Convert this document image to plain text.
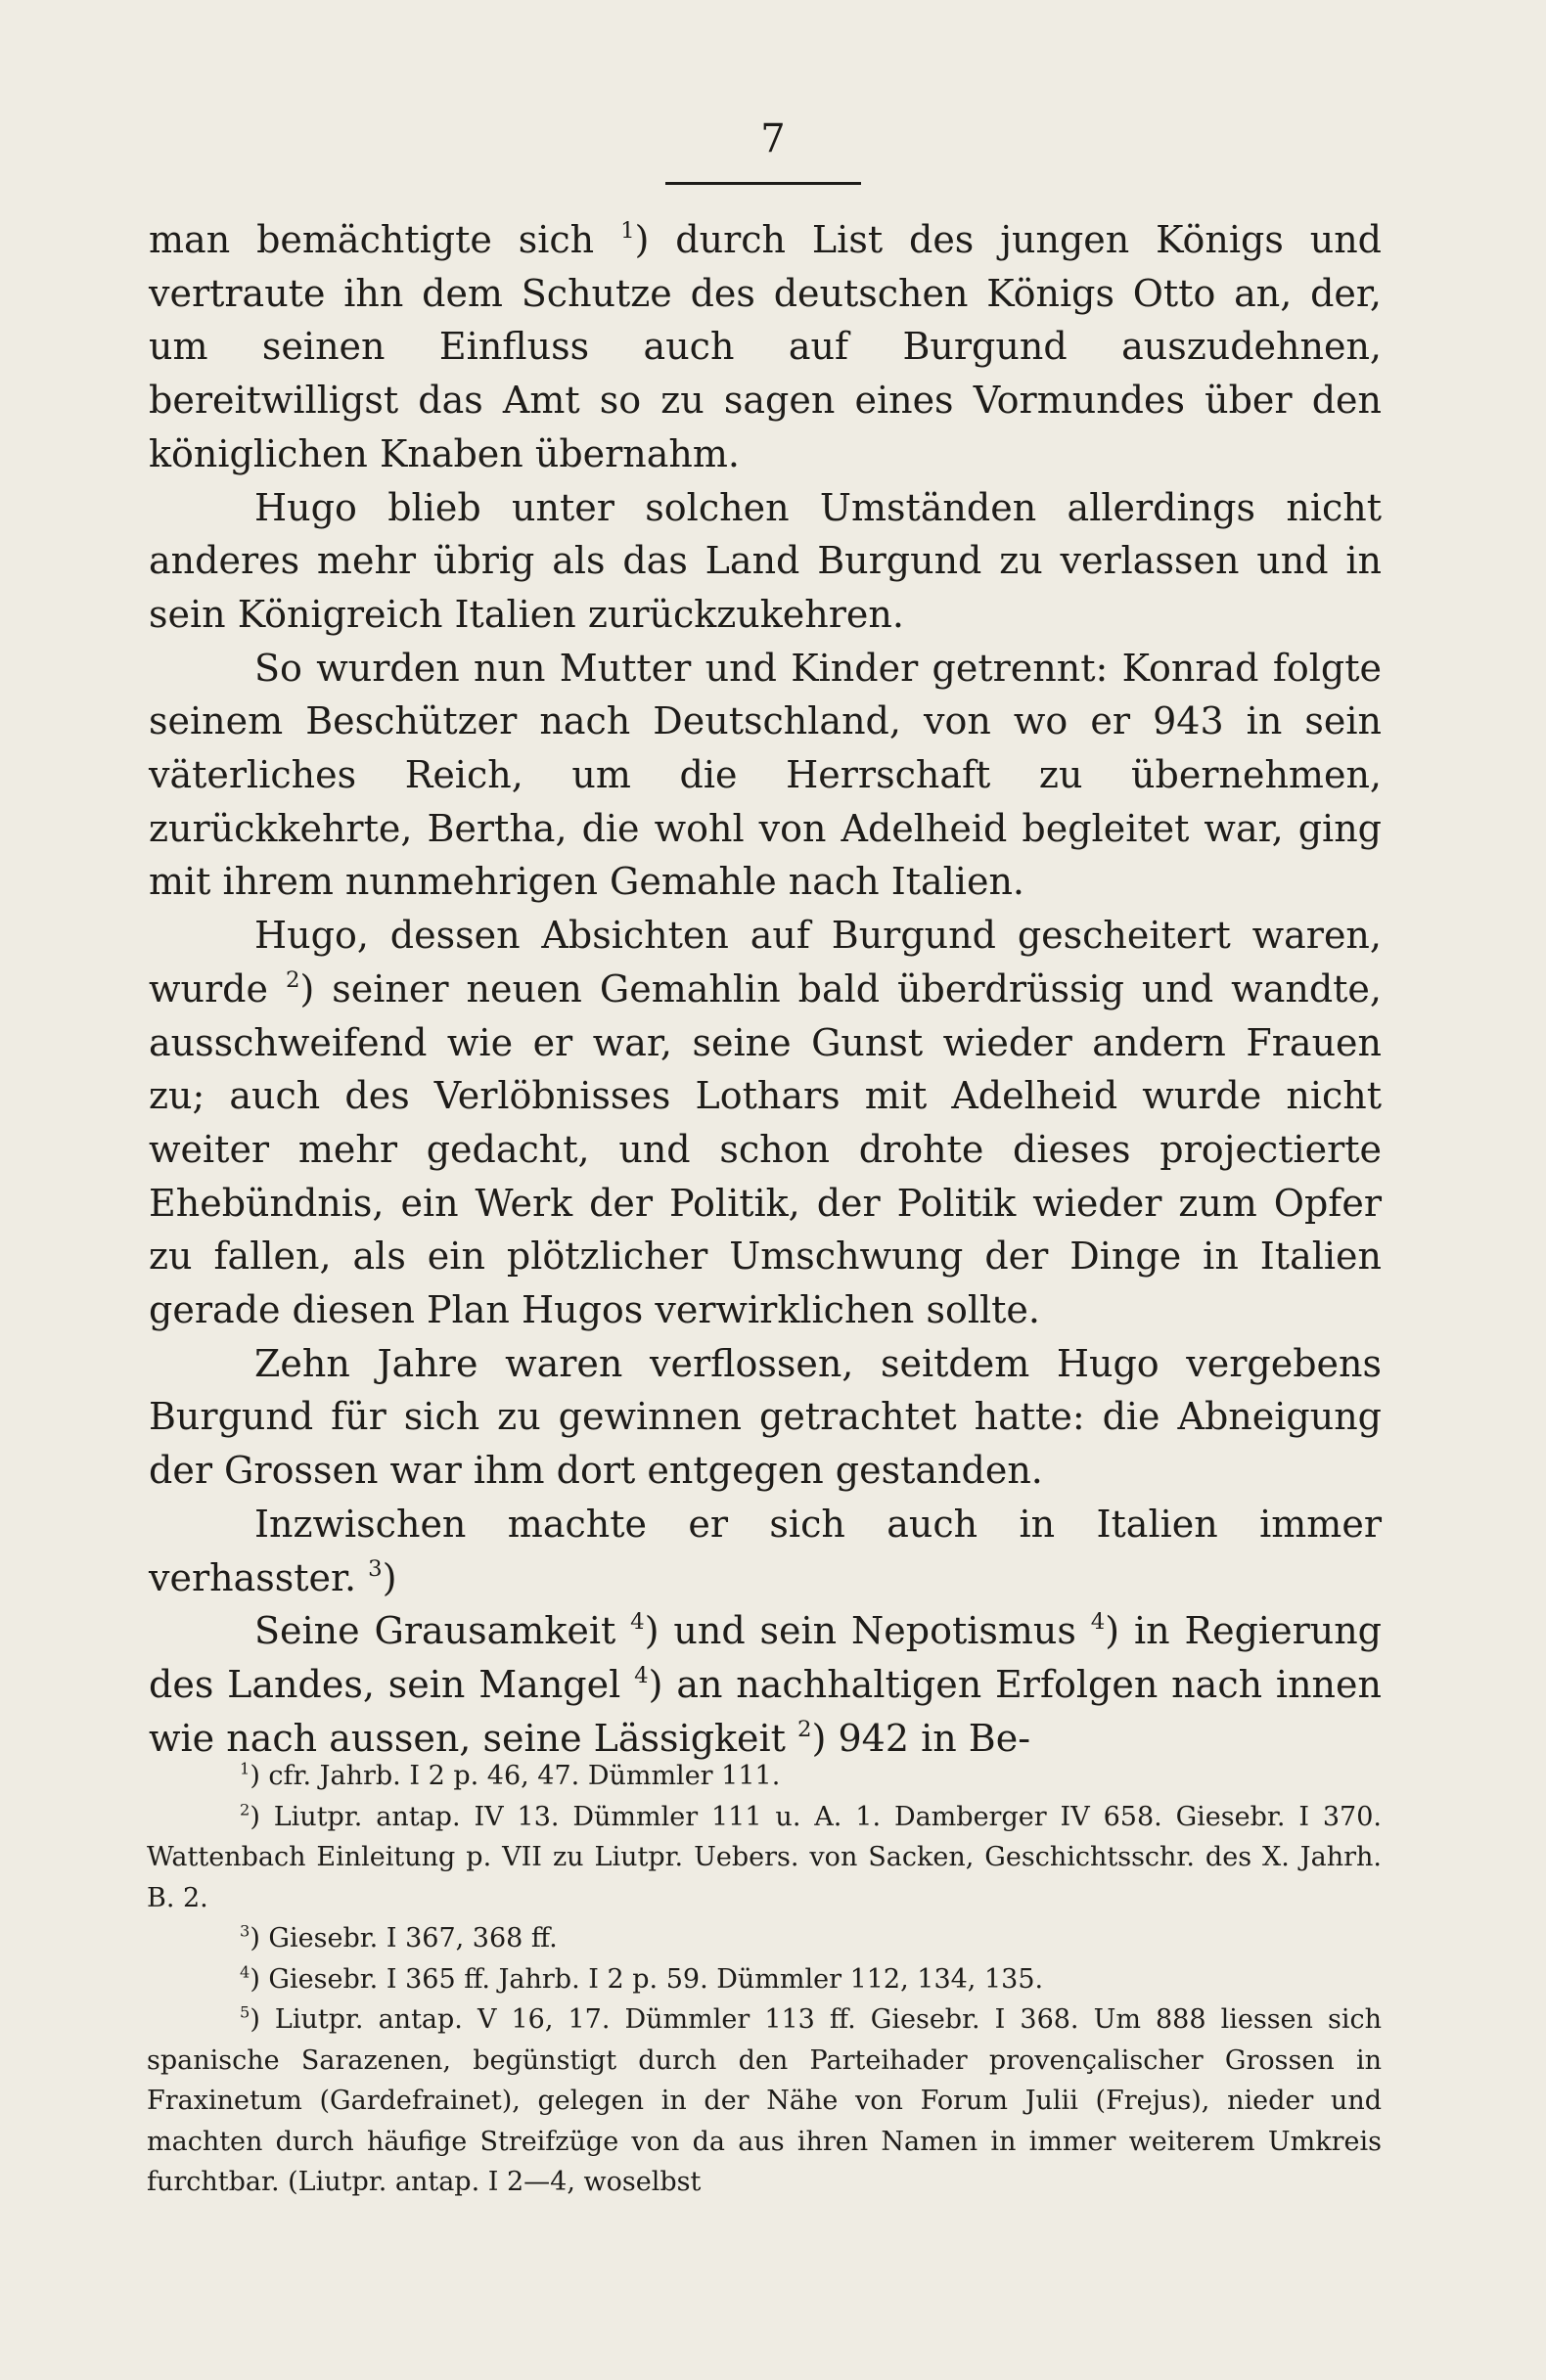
7

man bemächtigte sich $^1$) durch List des jungen Königs und vertraute ihn dem Schutze des deutschen Königs Otto an, der, um seinen Einfluss auch auf Burgund auszudehnen, bereitwilligst das Amt so zu sagen eines Vormundes über den königlichen Knaben übernahm.

Hugo blieb unter solchen Umständen allerdings nicht anderes mehr übrig als das Land Burgund zu verlassen und in sein Königreich Italien zurückzukehren.

So wurden nun Mutter und Kinder getrennt: Konrad folgte seinem Beschützer nach Deutschland, von wo er 943 in sein väterliches Reich, um die Herrschaft zu übernehmen, zurückkehrte, Bertha, die wohl von Adelheid begleitet war, ging mit ihrem nunmehrigen Gemahle nach Italien.

Hugo, dessen Absichten auf Burgund gescheitert waren, wurde $^2$) seiner neuen Gemahlin bald überdrüssig und wandte, ausschweifend wie er war, seine Gunst wieder andern Frauen zu; auch des Verlöbnisses Lothars mit Adelheid wurde nicht weiter mehr gedacht, und schon drohte dieses projectierte Ehebündnis, ein Werk der Politik, der Politik wieder zum Opfer zu fallen, als ein plötzlicher Umschwung der Dinge in Italien gerade diesen Plan Hugos verwirklichen sollte.

Zehn Jahre waren verflossen, seitdem Hugo vergebens Burgund für sich zu gewinnen getrachtet hatte: die Abneigung der Grossen war ihm dort entgegen gestanden.

Inzwischen machte er sich auch in Italien immer verhasster. $^3$)

Seine Grausamkeit $^4$) und sein Nepotismus $^4$) in Regierung des Landes, sein Mangel $^4$) an nachhaltigen Erfolgen nach innen wie nach aussen, seine Lässigkeit $^2$) 942 in Be-

$^1$) cfr. Jahrb. I 2 p. 46, 47. Dümmler 111.

$^2$) Liutpr. antap. IV 13. Dümmler 111 u. A. 1. Damberger IV 658. Giesebr. I 370. Wattenbach Einleitung p. VII zu Liutpr. Uebers. von Sacken, Geschichtsschr. des X. Jahrh. B. 2.

$^3$) Giesebr. I 367, 368 ff.

$^4$) Giesebr. I 365 ff. Jahrb. I 2 p. 59. Dümmler 112, 134, 135.

$^5$) Liutpr. antap. V 16, 17. Dümmler 113 ff. Giesebr. I 368. Um 888 liessen sich spanische Sarazenen, begünstigt durch den Parteihader provençalischer Grossen in Fraxinetum (Gardefrainet), gelegen in der Nähe von Forum Julii (Frejus), nieder und machten durch häufige Streifzüge von da aus ihren Namen in immer weiterem Umkreis furchtbar. (Liutpr. antap. I 2—4, woselbst
